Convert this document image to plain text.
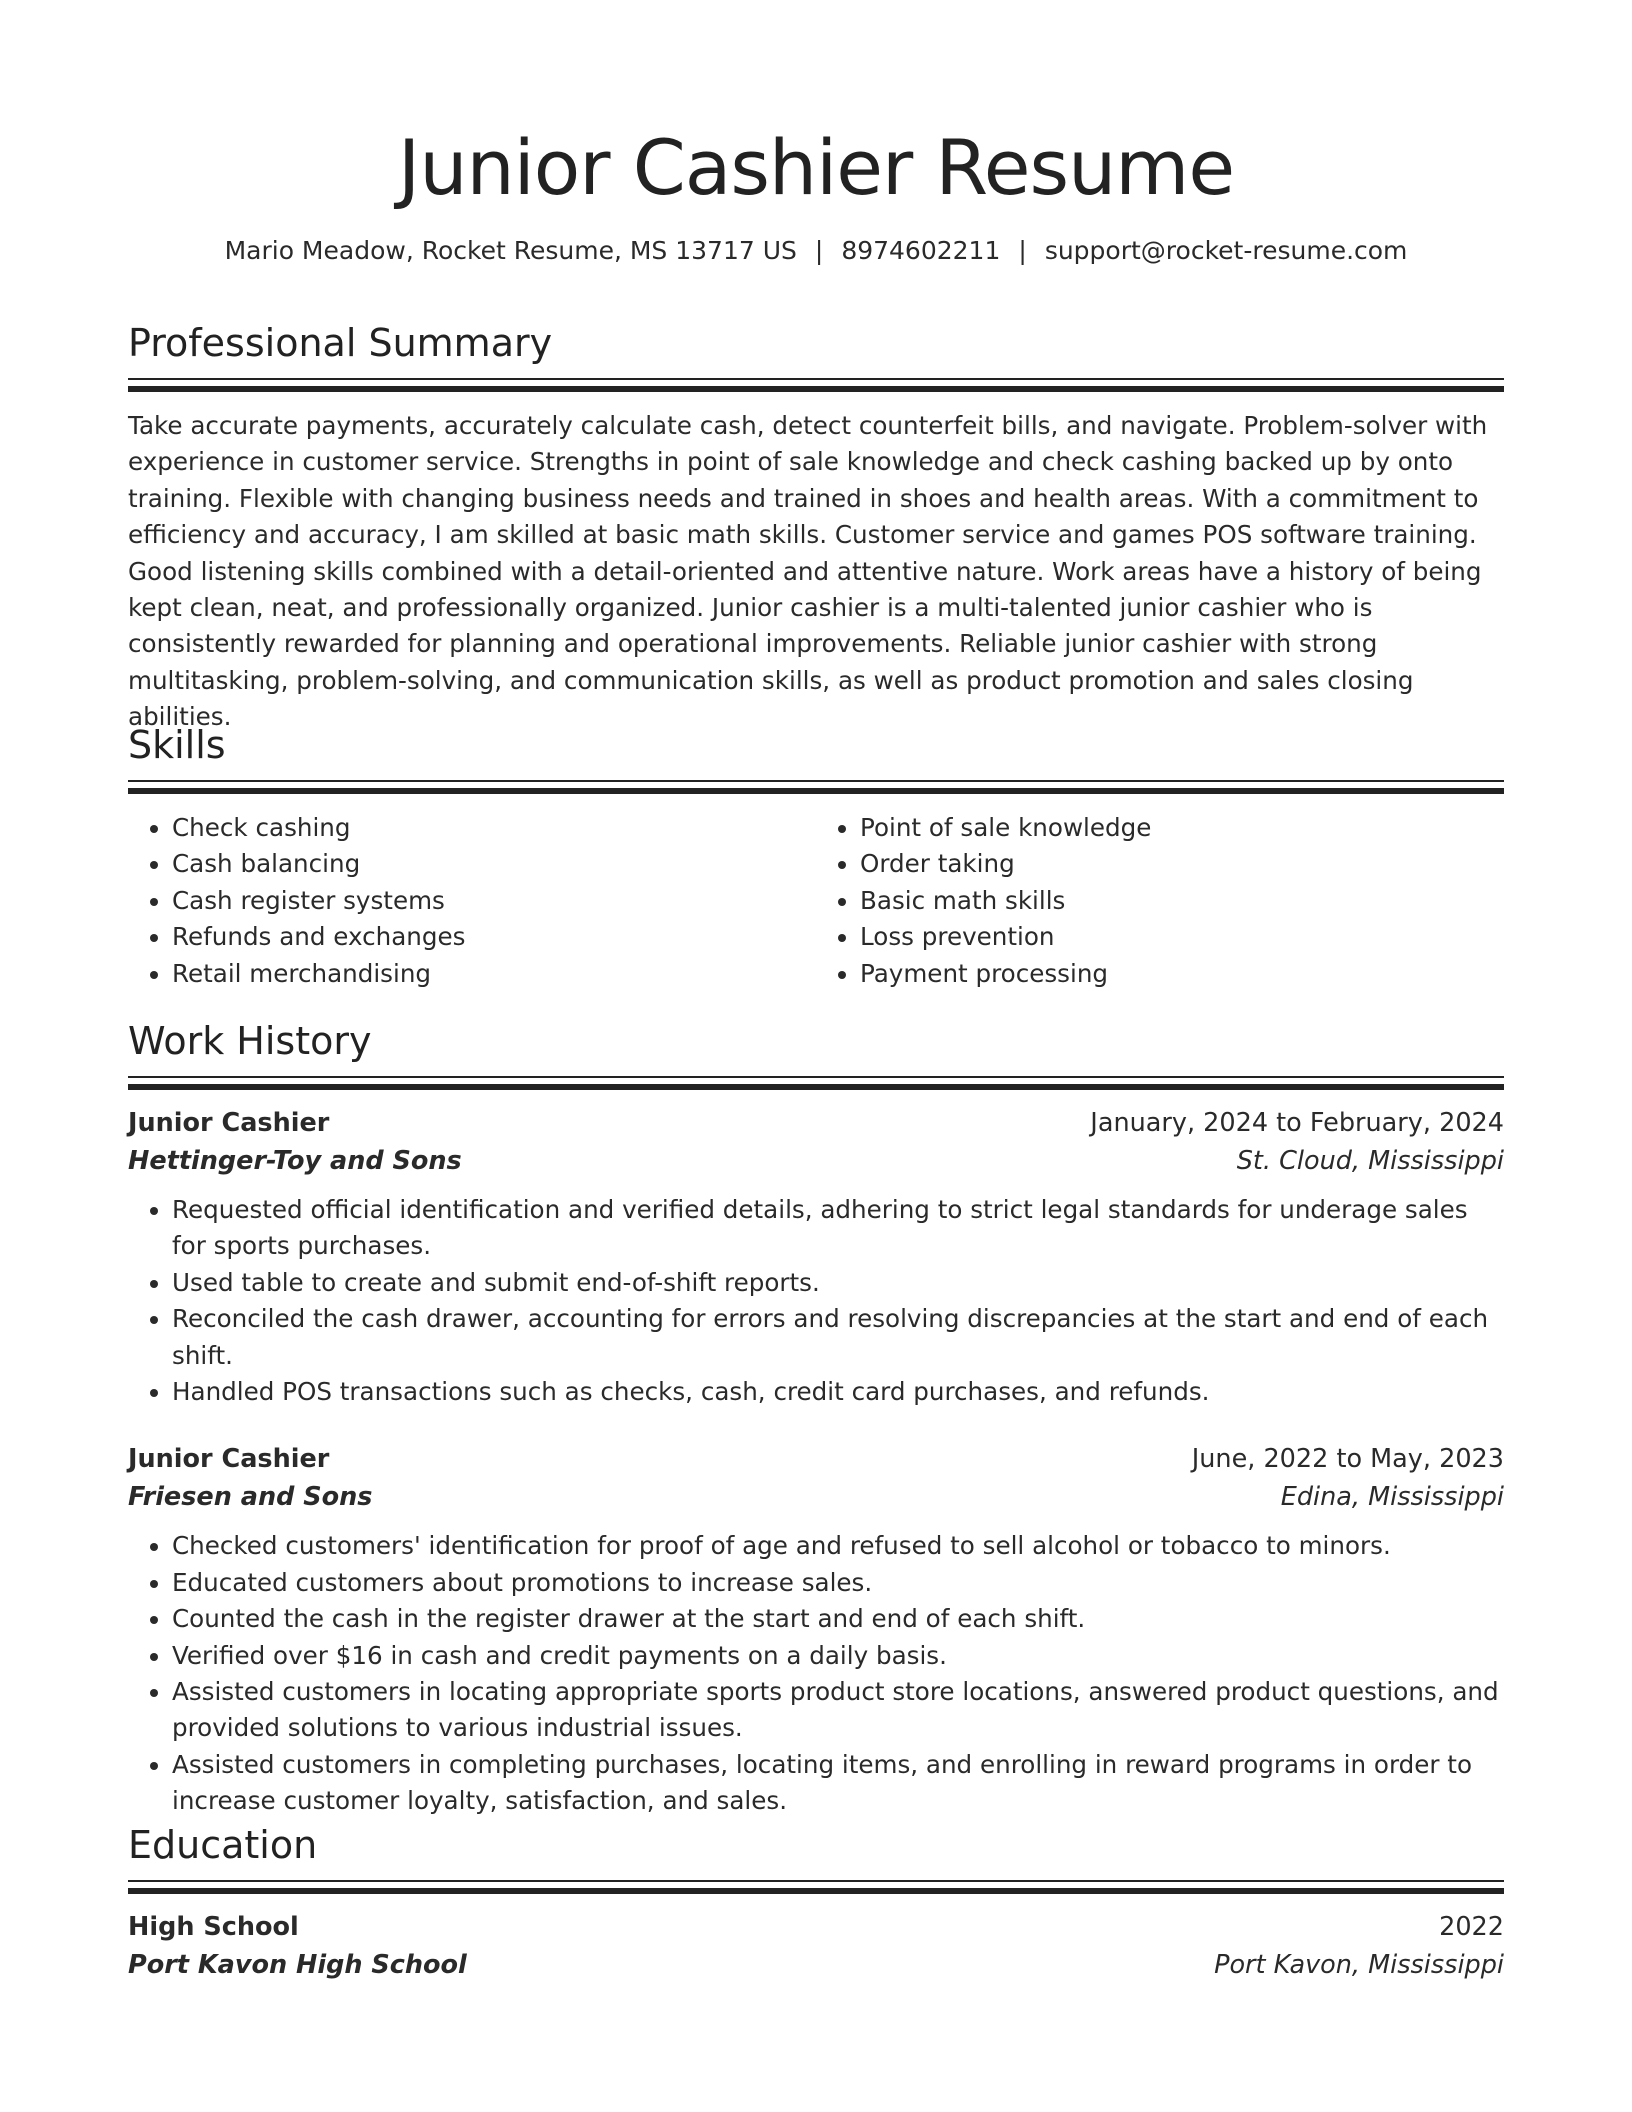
Junior Cashier Resume
Mario Meadow, Rocket Resume, MS 13717 US | 8974602211 | support@rocket-resume.com
Professional Summary

Take accurate payments, accurately calculate cash, detect counterfeit bills, and navigate. Problem-solver with experience in customer service. Strengths in point of sale knowledge and check cashing backed up by onto training. Flexible with changing business needs and trained in shoes and health areas. With a commitment to efficiency and accuracy, I am skilled at basic math skills. Customer service and games POS software training. Good listening skills combined with a detail-oriented and attentive nature. Work areas have a history of being kept clean, neat, and professionally organized. Junior cashier is a multi-talented junior cashier who is consistently rewarded for planning and operational improvements. Reliable junior cashier with strong multitasking, problem-solving, and communication skills, as well as product promotion and sales closing abilities.

Skills
• Check cashing
• Cash balancing
• Cash register systems
• Refunds and exchanges
• Retail merchandising
• Point of sale knowledge
• Order taking
• Basic math skills
• Loss prevention
• Payment processing
Work History
Junior Cashier	January, 2024 to February, 2024
Hettinger-Toy and Sons	St. Cloud, Mississippi
• Requested official identification and verified details, adhering to strict legal standards for underage sales for sports purchases.
• Used table to create and submit end-of-shift reports.
• Reconciled the cash drawer, accounting for errors and resolving discrepancies at the start and end of each shift.
• Handled POS transactions such as checks, cash, credit card purchases, and refunds.
Junior Cashier	June, 2022 to May, 2023
Friesen and Sons	Edina, Mississippi
• Checked customers' identification for proof of age and refused to sell alcohol or tobacco to minors.
• Educated customers about promotions to increase sales.
• Counted the cash in the register drawer at the start and end of each shift.
• Verified over $16 in cash and credit payments on a daily basis.
• Assisted customers in locating appropriate sports product store locations, answered product questions, and provided solutions to various industrial issues.
• Assisted customers in completing purchases, locating items, and enrolling in reward programs in order to increase customer loyalty, satisfaction, and sales.
Education
High School	2022
Port Kavon High School	Port Kavon, Mississippi
